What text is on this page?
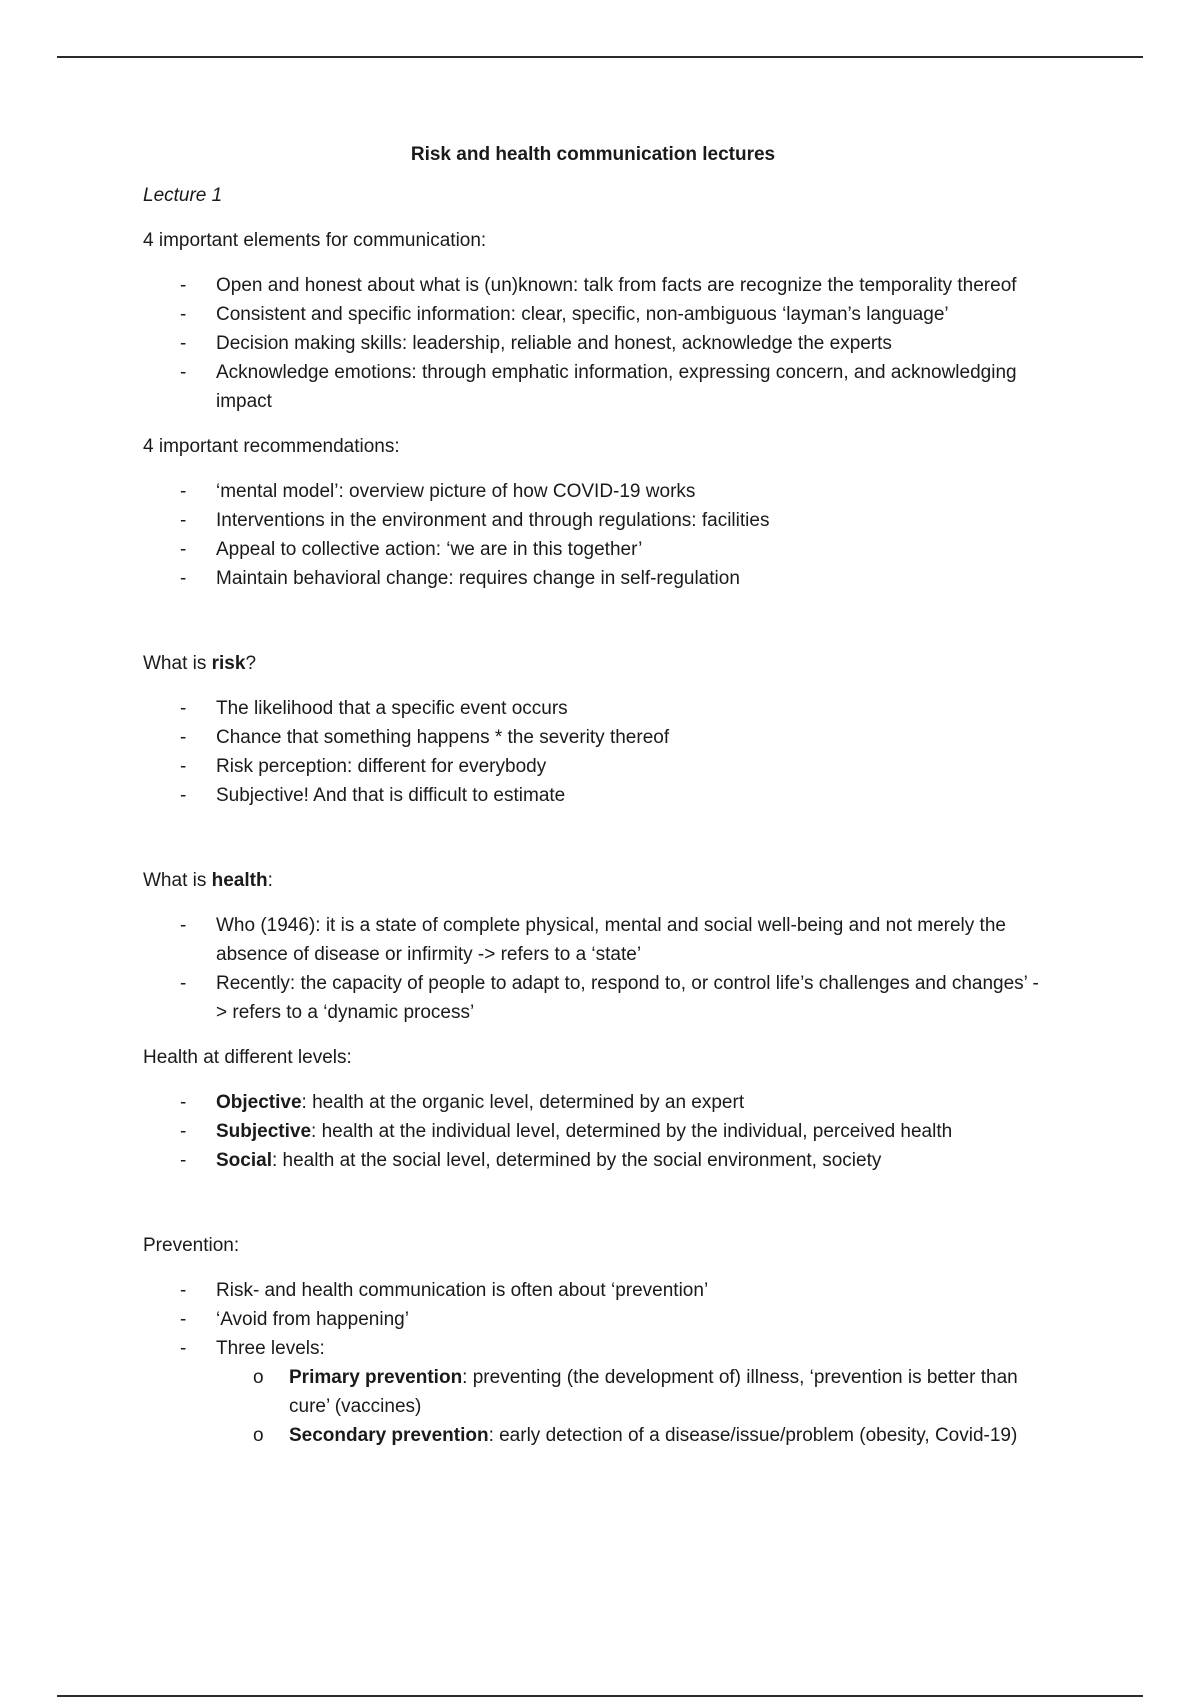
Risk and health communication lectures
Lecture 1
4 important elements for communication:
- Open and honest about what is (un)known: talk from facts are recognize the temporality thereof
- Consistent and specific information: clear, specific, non-ambiguous ‘layman’s language’
- Decision making skills: leadership, reliable and honest, acknowledge the experts
- Acknowledge emotions: through emphatic information, expressing concern, and acknowledging impact
4 important recommendations:
- ‘mental model’: overview picture of how COVID-19 works
- Interventions in the environment and through regulations: facilities
- Appeal to collective action: ‘we are in this together’
- Maintain behavioral change: requires change in self-regulation
What is risk?
- The likelihood that a specific event occurs
- Chance that something happens * the severity thereof
- Risk perception: different for everybody
- Subjective! And that is difficult to estimate
What is health:
- Who (1946): it is a state of complete physical, mental and social well-being and not merely the absence of disease or infirmity -> refers to a ‘state’
- Recently: the capacity of people to adapt to, respond to, or control life’s challenges and changes’ -> refers to a ‘dynamic process’
Health at different levels:
- Objective: health at the organic level, determined by an expert
- Subjective: health at the individual level, determined by the individual, perceived health
- Social: health at the social level, determined by the social environment, society
Prevention:
- Risk- and health communication is often about ‘prevention’
- ‘Avoid from happening’
- Three levels:
o Primary prevention: preventing (the development of) illness, ‘prevention is better than cure’ (vaccines)
o Secondary prevention: early detection of a disease/issue/problem (obesity, Covid-19)
